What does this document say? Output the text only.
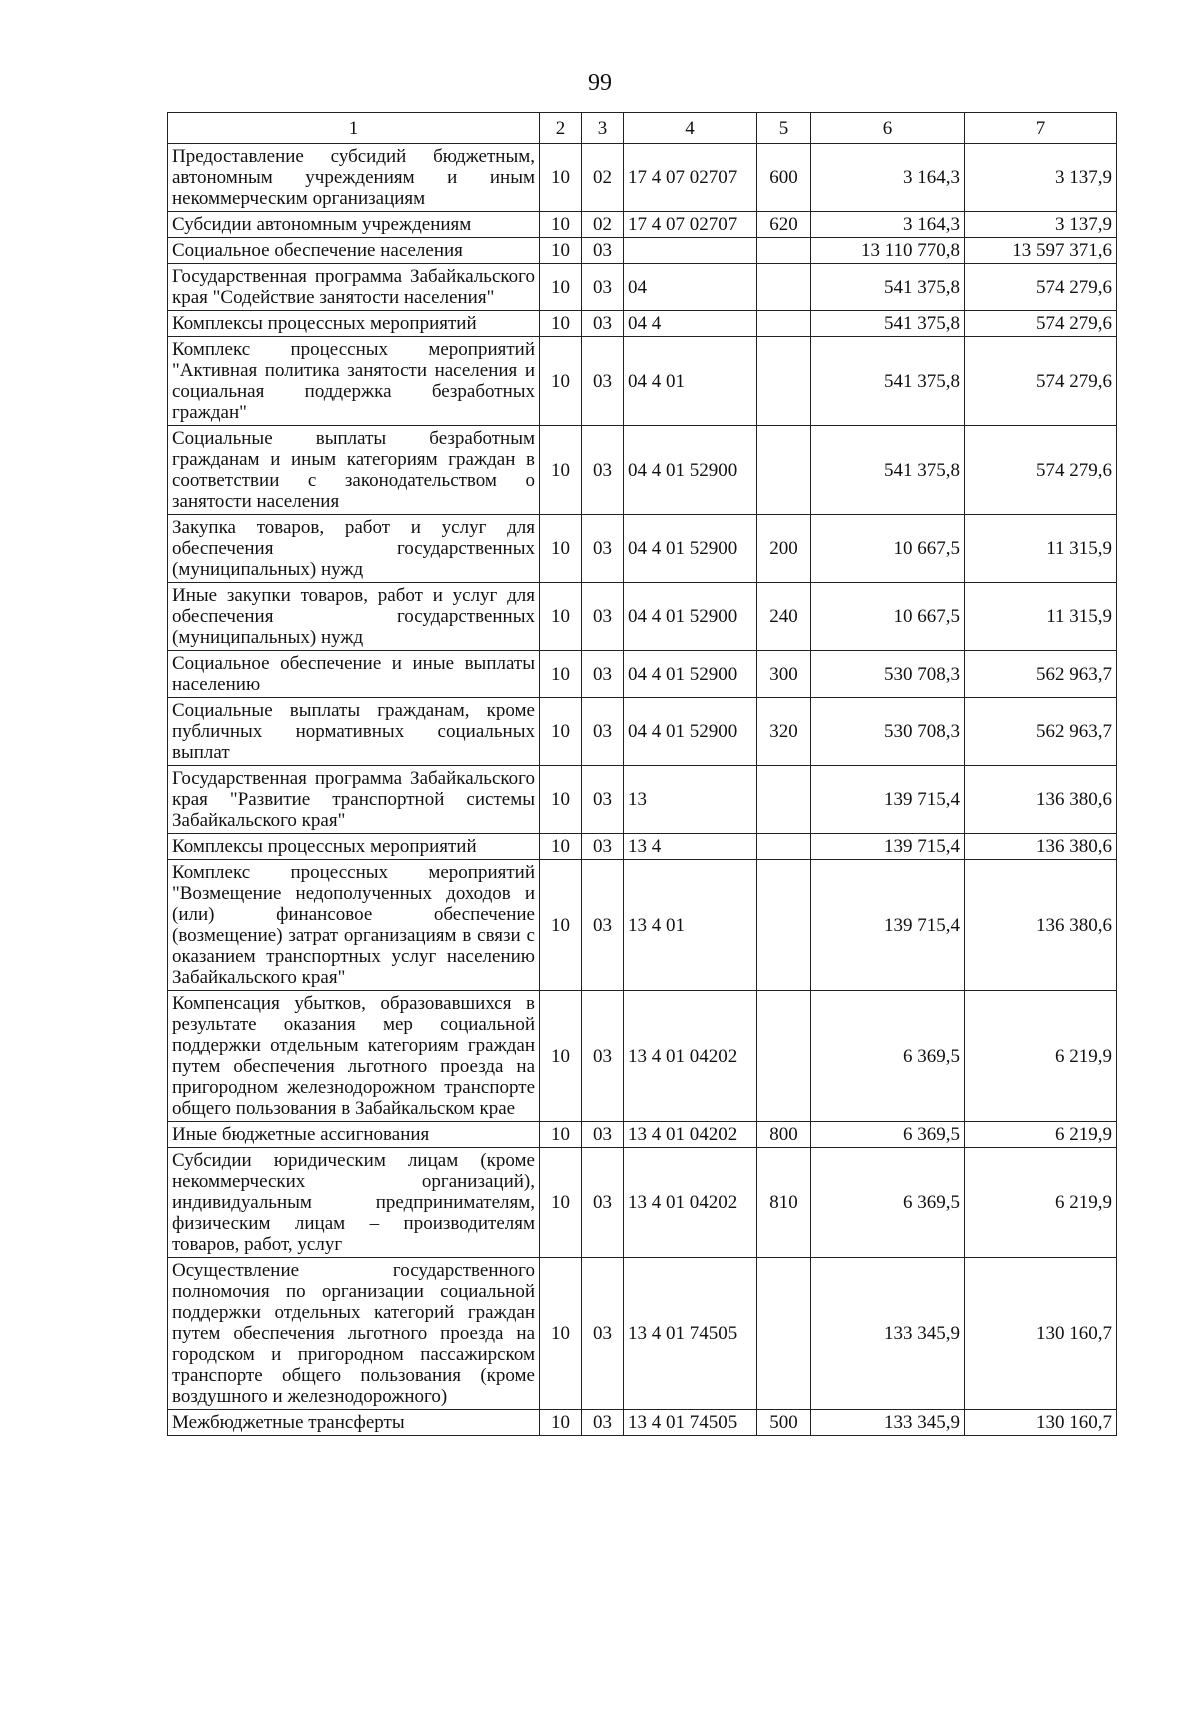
99
1	2	3	4	5	6	7
Предоставление субсидий бюджетным, автономным учреждениям и иным некоммерческим организациям	10	02	17 4 07 02707	600	3 164,3	3 137,9
Субсидии автономным учреждениям	10	02	17 4 07 02707	620	3 164,3	3 137,9
Социальное обеспечение населения	10	03			13 110 770,8	13 597 371,6
Государственная программа Забайкальского края "Содействие занятости населения"	10	03	04		541 375,8	574 279,6
Комплексы процессных мероприятий	10	03	04 4		541 375,8	574 279,6
Комплекс процессных мероприятий "Активная политика занятости населения и социальная поддержка безработных граждан"	10	03	04 4 01		541 375,8	574 279,6
Социальные выплаты безработным гражданам и иным категориям граждан в соответствии с законодательством о занятости населения	10	03	04 4 01 52900		541 375,8	574 279,6
Закупка товаров, работ и услуг для обеспечения государственных (муниципальных) нужд	10	03	04 4 01 52900	200	10 667,5	11 315,9
Иные закупки товаров, работ и услуг для обеспечения государственных (муниципальных) нужд	10	03	04 4 01 52900	240	10 667,5	11 315,9
Социальное обеспечение и иные выплаты населению	10	03	04 4 01 52900	300	530 708,3	562 963,7
Социальные выплаты гражданам, кроме публичных нормативных социальных выплат	10	03	04 4 01 52900	320	530 708,3	562 963,7
Государственная программа Забайкальского края "Развитие транспортной системы Забайкальского края"	10	03	13		139 715,4	136 380,6
Комплексы процессных мероприятий	10	03	13 4		139 715,4	136 380,6
Комплекс процессных мероприятий "Возмещение недополученных доходов и (или) финансовое обеспечение (возмещение) затрат организациям в связи с оказанием транспортных услуг населению Забайкальского края"	10	03	13 4 01		139 715,4	136 380,6
Компенсация убытков, образовавшихся в результате оказания мер социальной поддержки отдельным категориям граждан путем обеспечения льготного проезда на пригородном железнодорожном транспорте общего пользования в Забайкальском крае	10	03	13 4 01 04202		6 369,5	6 219,9
Иные бюджетные ассигнования	10	03	13 4 01 04202	800	6 369,5	6 219,9
Субсидии юридическим лицам (кроме некоммерческих организаций), индивидуальным предпринимателям, физическим лицам – производителям товаров, работ, услуг	10	03	13 4 01 04202	810	6 369,5	6 219,9
Осуществление государственного полномочия по организации социальной поддержки отдельных категорий граждан путем обеспечения льготного проезда на городском и пригородном пассажирском транспорте общего пользования (кроме воздушного и железнодорожного)	10	03	13 4 01 74505		133 345,9	130 160,7
Межбюджетные трансферты	10	03	13 4 01 74505	500	133 345,9	130 160,7
